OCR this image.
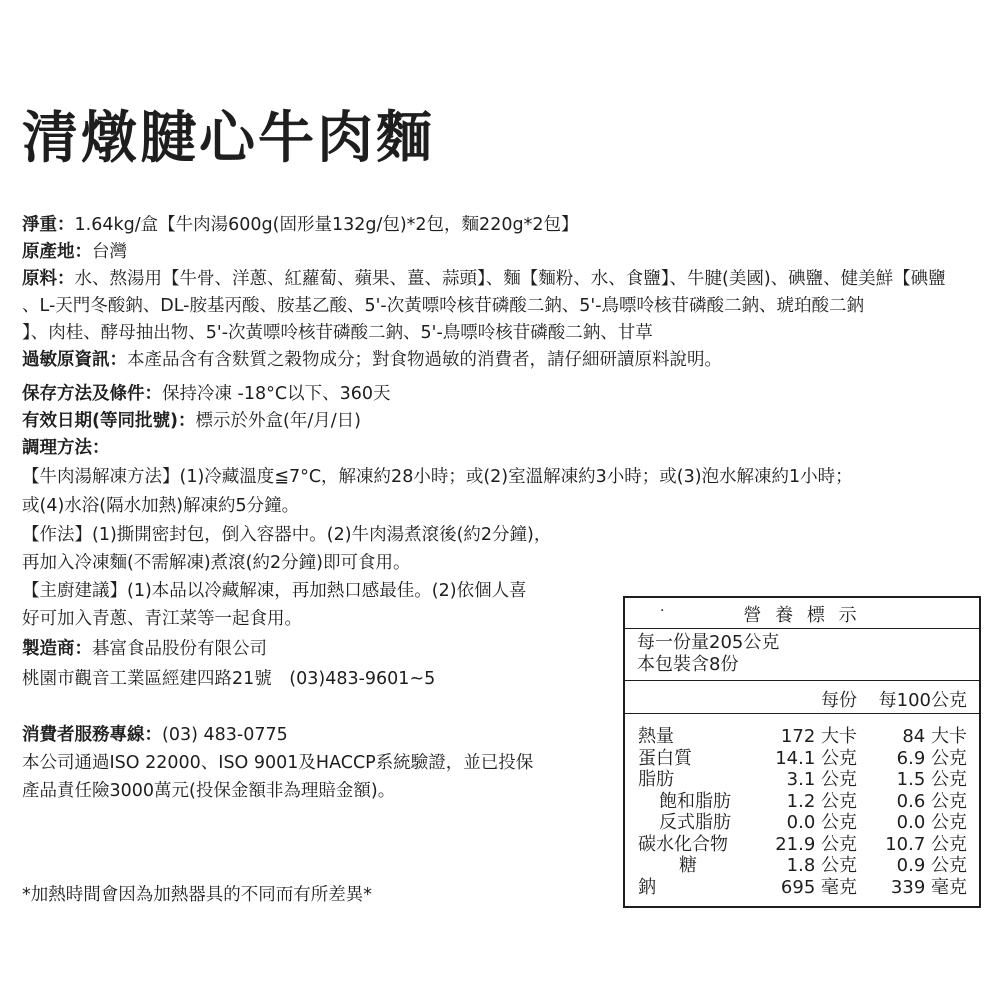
清燉腱心牛肉麵
淨重：1.64kg/盒【牛肉湯600g(固形量132g/包)*2包，麵220g*2包】
原產地：台灣
原料：水、熬湯用【牛骨、洋蔥、紅蘿蔔、蘋果、薑、蒜頭】、麵【麵粉、水、食鹽】、牛腱(美國)、碘鹽、健美鮮【碘鹽
、L-天門冬酸鈉、DL-胺基丙酸、胺基乙酸、5'-次黃嘌呤核苷磷酸二鈉、5'-鳥嘌呤核苷磷酸二鈉、琥珀酸二鈉
】、肉桂、酵母抽出物、5'-次黃嘌呤核苷磷酸二鈉、5'-鳥嘌呤核苷磷酸二鈉、甘草
過敏原資訊：本產品含有含麩質之穀物成分；對食物過敏的消費者，請仔細研讀原料說明。
保存方法及條件：保持冷凍 -18°C以下、360天
有效日期(等同批號)：標示於外盒(年/月/日)
調理方法：
【牛肉湯解凍方法】(1)冷藏溫度≦7°C，解凍約28小時；或(2)室溫解凍約3小時；或(3)泡水解凍約1小時；
或(4)水浴(隔水加熱)解凍約5分鐘。
【作法】(1)撕開密封包，倒入容器中。(2)牛肉湯煮滾後(約2分鐘)，
再加入冷凍麵(不需解凍)煮滾(約2分鐘)即可食用。
【主廚建議】(1)本品以冷藏解凍，再加熱口感最佳。(2)依個人喜
好可加入青蔥、青江菜等一起食用。
製造商：碁富食品股份有限公司
桃園市觀音工業區經建四路21號　(03)483-9601~5
消費者服務專線：(03) 483-0775
本公司通過ISO 22000、ISO 9001及HACCP系統驗證，並已投保
產品責任險3000萬元(投保金額非為理賠金額)。
*加熱時間會因為加熱器具的不同而有所差異*
.	營 養 標 示
每一份量205公克
本包裝含8份
每份 每100公克
熱量	172 大卡	84 大卡
蛋白質	14.1 公克 6.9 公克
脂肪	3.1 公克 1.5 公克
飽和脂肪	1.2 公克 0.6 公克
反式脂肪	0.0 公克 0.0 公克
碳水化合物	21.9 公克 10.7 公克
糖	1.8 公克 0.9 公克
鈉	695 毫克 339 毫克
